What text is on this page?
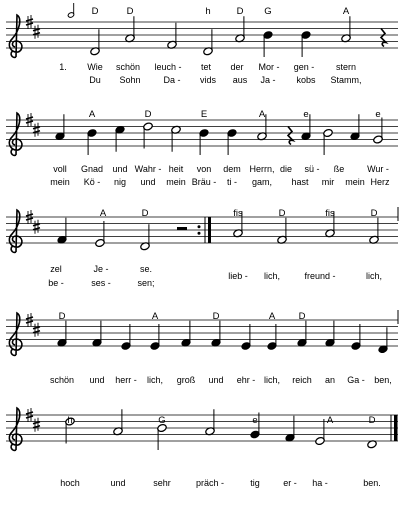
D	D	h	D G	A
1. Wie schön leuch - tet der Mor - gen - stern
Du Sohn	Da - vids aus Ja - kobs Stamm,
A	D	E	A	e	e
voll Gnad und Wahr - heit von dem Herrn, die sü - ße	Wur -
mein Kö - nig und mein Bräu - ti - gam, hast mir mein Herz
A	D	fis	D	fis	D
zel	Je -	se.
be -	ses -	sen;
lieb - lich,	freund -	lich,
D	A	D	A D
schön und herr - lich, groß und ehr - lich, reich an Ga - ben,
h	G	e	A	D
hoch	und	sehr	präch -	tig	er - ha -	ben.
